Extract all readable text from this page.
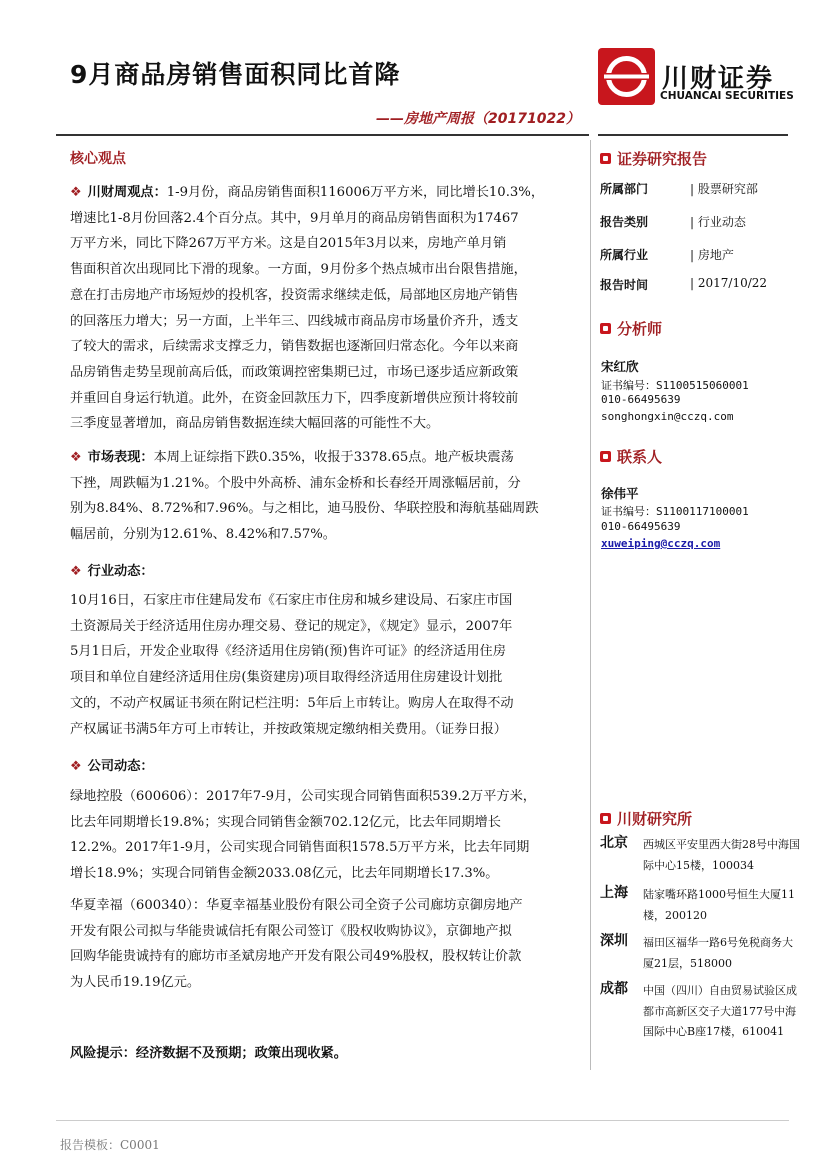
9月商品房销售面积同比首降
——房地产周报（20171022）
川财证券
CHUANCAI SECURITIES
核心观点
❖ 川财周观点：1-9月份，商品房销售面积116006万平方米，同比增长10.3%，
增速比1-8月份回落2.4个百分点。其中，9月单月的商品房销售面积为17467
万平方米，同比下降267万平方米。这是自2015年3月以来，房地产单月销
售面积首次出现同比下滑的现象。一方面，9月份多个热点城市出台限售措施，
意在打击房地产市场短炒的投机客，投资需求继续走低，局部地区房地产销售
的回落压力增大；另一方面，上半年三、四线城市商品房市场量价齐升，透支
了较大的需求，后续需求支撑乏力，销售数据也逐渐回归常态化。今年以来商
品房销售走势呈现前高后低，而政策调控密集期已过，市场已逐步适应新政策
并重回自身运行轨道。此外，在资金回款压力下，四季度新增供应预计将较前
三季度显著增加，商品房销售数据连续大幅回落的可能性不大。
❖ 市场表现：本周上证综指下跌0.35%，收报于3378.65点。地产板块震荡
下挫，周跌幅为1.21%。个股中外高桥、浦东金桥和长春经开周涨幅居前，分
别为8.84%、8.72%和7.96%。与之相比，迪马股份、华联控股和海航基础周跌
幅居前，分别为12.61%、8.42%和7.57%。
❖ 行业动态：
10月16日，石家庄市住建局发布《石家庄市住房和城乡建设局、石家庄市国
土资源局关于经济适用住房办理交易、登记的规定》，《规定》显示，2007年
5月1日后，开发企业取得《经济适用住房销(预)售许可证》的经济适用住房
项目和单位自建经济适用住房(集资建房)项目取得经济适用住房建设计划批
文的，不动产权属证书须在附记栏注明：5年后上市转让。购房人在取得不动
产权属证书满5年方可上市转让，并按政策规定缴纳相关费用。（证券日报）
❖ 公司动态：
绿地控股（600606）：2017年7-9月，公司实现合同销售面积539.2万平方米，
比去年同期增长19.8%；实现合同销售金额702.12亿元，比去年同期增长
12.2%。2017年1-9月，公司实现合同销售面积1578.5万平方米，比去年同期
增长18.9%；实现合同销售金额2033.08亿元，比去年同期增长17.3%。
华夏幸福（600340）：华夏幸福基业股份有限公司全资子公司廊坊京御房地产
开发有限公司拟与华能贵诚信托有限公司签订《股权收购协议》，京御地产拟
回购华能贵诚持有的廊坊市圣斌房地产开发有限公司49%股权，股权转让价款
为人民币19.19亿元。
风险提示：经济数据不及预期；政策出现收紧。
证券研究报告
所属部门	| 股票研究部
报告类别	| 行业动态
所属行业	| 房地产
报告时间	| 2017/10/22
分析师
宋红欣
证书编号：S1100515060001
010-66495639
songhongxin@cczq.com
联系人
徐伟平
证书编号：S1100117100001
010-66495639
xuweiping@cczq.com
川财研究所
北京 西城区平安里西大街28号中海国际中心15楼，100034
上海 陆家嘴环路1000号恒生大厦11楼，200120
深圳 福田区福华一路6号免税商务大厦21层，518000
成都 中国（四川）自由贸易试验区成都市高新区交子大道177号中海国际中心B座17楼，610041
报告模板：C0001
